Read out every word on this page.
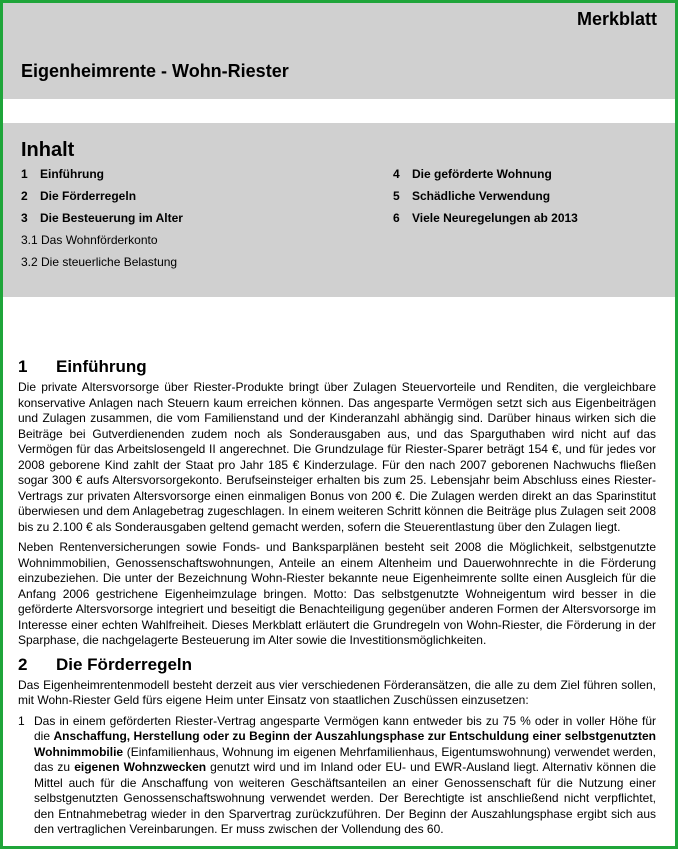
Merkblatt
Eigenheimrente - Wohn-Riester
Inhalt
1 Einführung
2 Die Förderregeln
3 Die Besteuerung im Alter
3.1 Das Wohnförderkonto
3.2 Die steuerliche Belastung
4 Die geförderte Wohnung
5 Schädliche Verwendung
6 Viele Neuregelungen ab 2013
1 Einführung

Die private Altersvorsorge über Riester-Produkte bringt über Zulagen Steuervorteile und Renditen, die vergleichbare konservative Anlagen nach Steuern kaum erreichen können. Das angesparte Vermögen setzt sich aus Eigenbeiträgen und Zulagen zusammen, die vom Familienstand und der Kinderanzahl abhängig sind. Darüber hinaus wirken sich die Beiträge bei Gutverdienenden zudem noch als Sonderausgaben aus, und das Sparguthaben wird nicht auf das Vermögen für das Arbeitslosengeld II angerechnet. Die Grundzulage für Riester-Sparer beträgt 154 €, und für jedes vor 2008 geborene Kind zahlt der Staat pro Jahr 185 € Kinderzulage. Für den nach 2007 geborenen Nachwuchs fließen sogar 300 € aufs Altersvorsorgekonto. Berufseinsteiger erhalten bis zum 25. Lebensjahr beim Abschluss eines Riester-Vertrags zur privaten Altersvorsorge einen einmaligen Bonus von 200 €. Die Zulagen werden direkt an das Sparinstitut überwiesen und dem Anlagebetrag zugeschlagen. In einem weiteren Schritt können die Beiträge plus Zulagen seit 2008 bis zu 2.100 € als Sonderausgaben geltend gemacht werden, sofern die Steuerentlastung über den Zulagen liegt.

Neben Rentenversicherungen sowie Fonds- und Banksparplänen besteht seit 2008 die Möglichkeit, selbstgenutzte Wohnimmobilien, Genossenschaftswohnungen, Anteile an einem Altenheim und Dauerwohnrechte in die Förderung einzubeziehen. Die unter der Bezeichnung Wohn-Riester bekannte neue Eigenheimrente sollte einen Ausgleich für die Anfang 2006 gestrichene Eigenheimzulage bringen. Motto: Das selbstgenutzte Wohneigentum wird besser in die geförderte Altersvorsorge integriert und beseitigt die Benachteiligung gegenüber anderen Formen der Altersvorsorge im Interesse einer echten Wahlfreiheit. Dieses Merkblatt erläutert die Grundregeln von Wohn-Riester, die Förderung in der Sparphase, die nachgelagerte Besteuerung im Alter sowie die Investitionsmöglichkeiten.

2 Die Förderregeln

Das Eigenheimrentenmodell besteht derzeit aus vier verschiedenen Förderansätzen, die alle zu dem Ziel führen sollen, mit Wohn-Riester Geld fürs eigene Heim unter Einsatz von staatlichen Zuschüssen einzusetzen:

1 Das in einem geförderten Riester-Vertrag angesparte Vermögen kann entweder bis zu 75 % oder in voller Höhe für die Anschaffung, Herstellung oder zu Beginn der Auszahlungsphase zur Entschuldung einer selbstgenutzten Wohnimmobilie (Einfamilienhaus, Wohnung im eigenen Mehrfamilienhaus, Eigentumswohnung) verwendet werden, das zu eigenen Wohnzwecken genutzt wird und im Inland oder EU- und EWR-Ausland liegt. Alternativ können die Mittel auch für die Anschaffung von weiteren Geschäftsanteilen an einer Genossenschaft für die Nutzung einer selbstgenutzten Genossenschaftswohnung verwendet werden. Der Berechtigte ist anschließend nicht verpflichtet, den Entnahmebetrag wieder in den Sparvertrag zurückzuführen. Der Beginn der Auszahlungsphase ergibt sich aus den vertraglichen Vereinbarungen. Er muss zwischen der Vollendung des 60.
